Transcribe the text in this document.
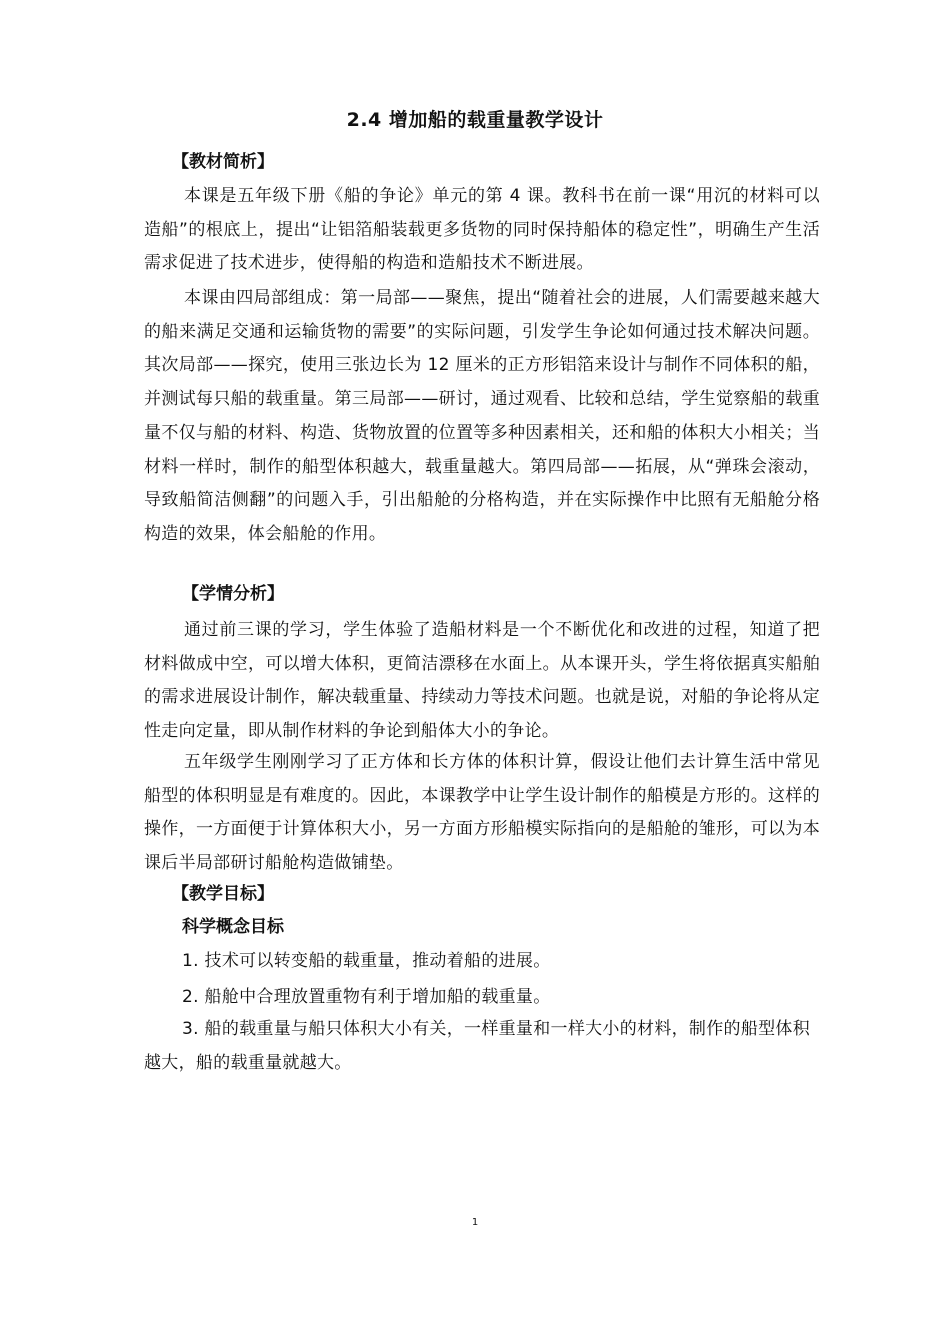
2.4 增加船的载重量教学设计
【教材简析】
本课是五年级下册《船的争论》单元的第 4 课。教科书在前一课“用沉的材料可以造船”的根底上，提出“让铝箔船装载更多货物的同时保持船体的稳定性”，明确生产生活需求促进了技术进步，使得船的构造和造船技术不断进展。
本课由四局部组成：第一局部——聚焦，提出“随着社会的进展，人们需要越来越大的船来满足交通和运输货物的需要”的实际问题，引发学生争论如何通过技术解决问题。其次局部——探究，使用三张边长为 12 厘米的正方形铝箔来设计与制作不同体积的船，并测试每只船的载重量。第三局部——研讨，通过观看、比较和总结，学生觉察船的载重量不仅与船的材料、构造、货物放置的位置等多种因素相关，还和船的体积大小相关；当材料一样时，制作的船型体积越大，载重量越大。第四局部——拓展，从“弹珠会滚动，导致船简洁侧翻”的问题入手，引出船舱的分格构造，并在实际操作中比照有无船舱分格构造的效果，体会船舱的作用。
【学情分析】
通过前三课的学习，学生体验了造船材料是一个不断优化和改进的过程，知道了把材料做成中空，可以增大体积，更简洁漂移在水面上。从本课开头，学生将依据真实船舶的需求进展设计制作，解决载重量、持续动力等技术问题。也就是说，对船的争论将从定性走向定量，即从制作材料的争论到船体大小的争论。
五年级学生刚刚学习了正方体和长方体的体积计算，假设让他们去计算生活中常见船型的体积明显是有难度的。因此，本课教学中让学生设计制作的船模是方形的。这样的操作，一方面便于计算体积大小，另一方面方形船模实际指向的是船舱的雏形，可以为本课后半局部研讨船舱构造做铺垫。
【教学目标】
科学概念目标
1. 技术可以转变船的载重量，推动着船的进展。
2. 船舱中合理放置重物有利于增加船的载重量。
3. 船的载重量与船只体积大小有关，一样重量和一样大小的材料，制作的船型体积越大，船的载重量就越大。
1
